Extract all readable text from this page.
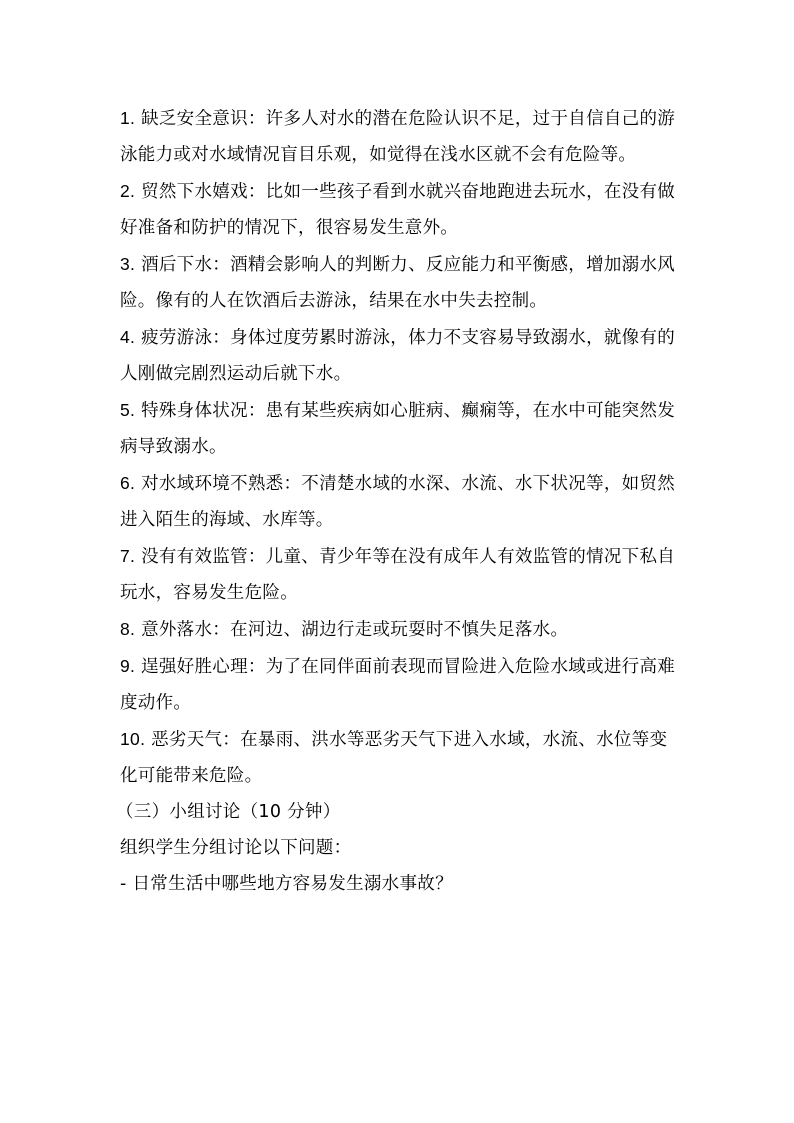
1. 缺乏安全意识：许多人对水的潜在危险认识不足，过于自信自己的游泳能力或对水域情况盲目乐观，如觉得在浅水区就不会有危险等。

2. 贸然下水嬉戏：比如一些孩子看到水就兴奋地跑进去玩水，在没有做好准备和防护的情况下，很容易发生意外。

3. 酒后下水：酒精会影响人的判断力、反应能力和平衡感，增加溺水风险。像有的人在饮酒后去游泳，结果在水中失去控制。

4. 疲劳游泳：身体过度劳累时游泳，体力不支容易导致溺水，就像有的人刚做完剧烈运动后就下水。

5. 特殊身体状况：患有某些疾病如心脏病、癫痫等，在水中可能突然发病导致溺水。

6. 对水域环境不熟悉：不清楚水域的水深、水流、水下状况等，如贸然进入陌生的海域、水库等。

7. 没有有效监管：儿童、青少年等在没有成年人有效监管的情况下私自玩水，容易发生危险。

8. 意外落水：在河边、湖边行走或玩耍时不慎失足落水。

9. 逞强好胜心理：为了在同伴面前表现而冒险进入危险水域或进行高难度动作。

10. 恶劣天气：在暴雨、洪水等恶劣天气下进入水域，水流、水位等变化可能带来危险。

（三）小组讨论（10 分钟）

组织学生分组讨论以下问题：

- 日常生活中哪些地方容易发生溺水事故？
